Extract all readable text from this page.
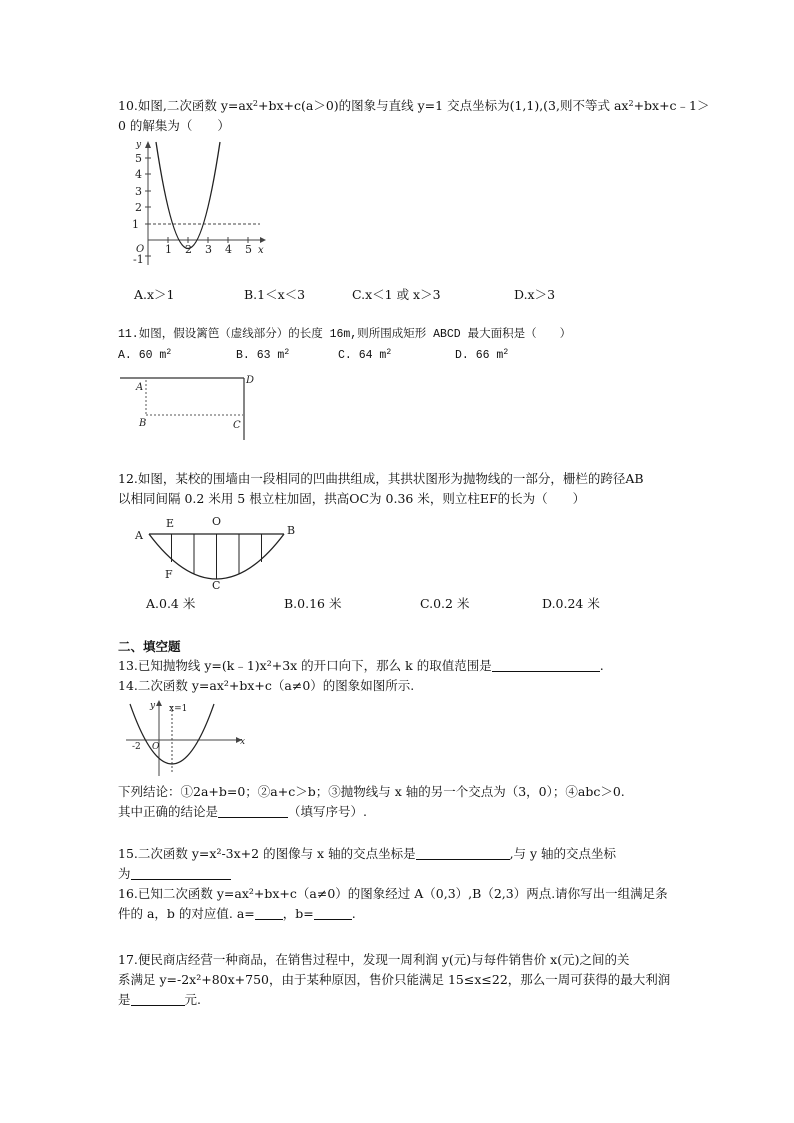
10.如图,二次函数 $y=ax^2+bx+c(a>0)$的图象与直线 y=1 交点坐标为(1,1),(3,则不等式 $ax^2+bx+c﹣1>$
0 的解集为（　　）
y
x
5
4
3
2
1
O
-1
1 2 3 4 5
A.x＞1	B.1＜x＜3	C.x＜1 或 x＞3	D.x＞3
11.如图，假设篱笆（虚线部分）的长度 16m,则所围成矩形 ABCD 最大面积是（　　）
A. 60 $m^2$	B. 63 $m^2$	C. 64 $m^2$	D. 66 $m^2$
A
B	C
D
12.如图，某校的围墙由一段相同的凹曲拱组成，其拱状图形为抛物线的一部分，栅栏的跨径AB
以相同间隔 0.2 米用 5 根立柱加固，拱高OC为 0.36 米，则立柱EF的长为（　　）
A
E	O
B
F
C
A.0.4 米	B.0.16 米	C.0.2 米	D.0.24 米
二、填空题
13.已知抛物线 y=(k﹣1)x²+3x 的开口向下，那么 k 的取值范围是	.
14.二次函数 y=ax²+bx+c（a≠0）的图象如图所示.
y x=1
x
-2 O
下列结论：①2a+b=0；②a+c＞b；③抛物线与 x 轴的另一个交点为（3，0）；④abc＞0.
其中正确的结论是	（填写序号）.
15.二次函数 y=x²-3x+2 的图像与 x 轴的交点坐标是	,与 y 轴的交点坐标
为
16.已知二次函数 y=ax²+bx+c（a≠0）的图象经过 A（0,3）,B（2,3）两点.请你写出一组满足条
件的 a，b 的对应值. a= ，b=	.
17.便民商店经营一种商品，在销售过程中，发现一周利润 y(元)与每件销售价 x(元)之间的关
系满足 y=-2x²+80x+750，由于某种原因，售价只能满足 15≤x≤22，那么一周可获得的最大利润
是	元.
